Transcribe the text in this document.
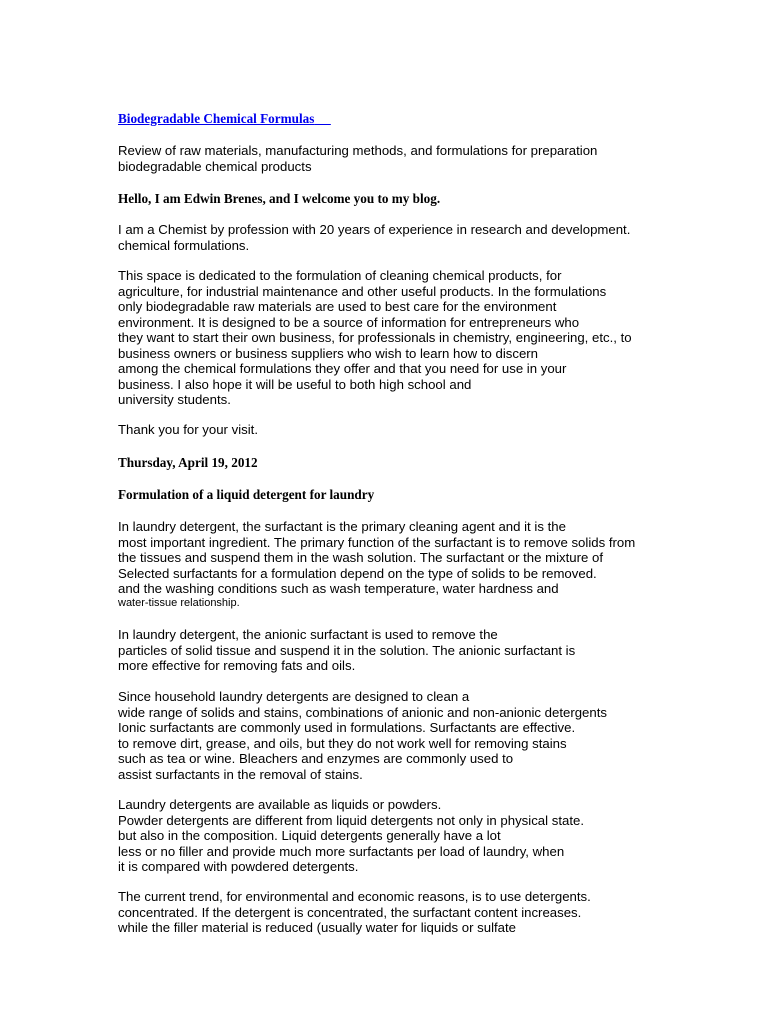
Biodegradable Chemical Formulas

Review of raw materials, manufacturing methods, and formulations for preparation
biodegradable chemical products

Hello, I am Edwin Brenes, and I welcome you to my blog.

I am a Chemist by profession with 20 years of experience in research and development.
chemical formulations.

This space is dedicated to the formulation of cleaning chemical products, for
agriculture, for industrial maintenance and other useful products. In the formulations
only biodegradable raw materials are used to best care for the environment
environment. It is designed to be a source of information for entrepreneurs who
they want to start their own business, for professionals in chemistry, engineering, etc., to
business owners or business suppliers who wish to learn how to discern
among the chemical formulations they offer and that you need for use in your
business. I also hope it will be useful to both high school and
university students.

Thank you for your visit.

Thursday, April 19, 2012

Formulation of a liquid detergent for laundry

In laundry detergent, the surfactant is the primary cleaning agent and it is the
most important ingredient. The primary function of the surfactant is to remove solids from
the tissues and suspend them in the wash solution. The surfactant or the mixture of
Selected surfactants for a formulation depend on the type of solids to be removed.
and the washing conditions such as wash temperature, water hardness and

water-tissue relationship.

In laundry detergent, the anionic surfactant is used to remove the
particles of solid tissue and suspend it in the solution. The anionic surfactant is
more effective for removing fats and oils.

Since household laundry detergents are designed to clean a
wide range of solids and stains, combinations of anionic and non-anionic detergents
Ionic surfactants are commonly used in formulations. Surfactants are effective.
to remove dirt, grease, and oils, but they do not work well for removing stains
such as tea or wine. Bleachers and enzymes are commonly used to
assist surfactants in the removal of stains.

Laundry detergents are available as liquids or powders.
Powder detergents are different from liquid detergents not only in physical state.
but also in the composition. Liquid detergents generally have a lot
less or no filler and provide much more surfactants per load of laundry, when
it is compared with powdered detergents.

The current trend, for environmental and economic reasons, is to use detergents.
concentrated. If the detergent is concentrated, the surfactant content increases.
while the filler material is reduced (usually water for liquids or sulfate
